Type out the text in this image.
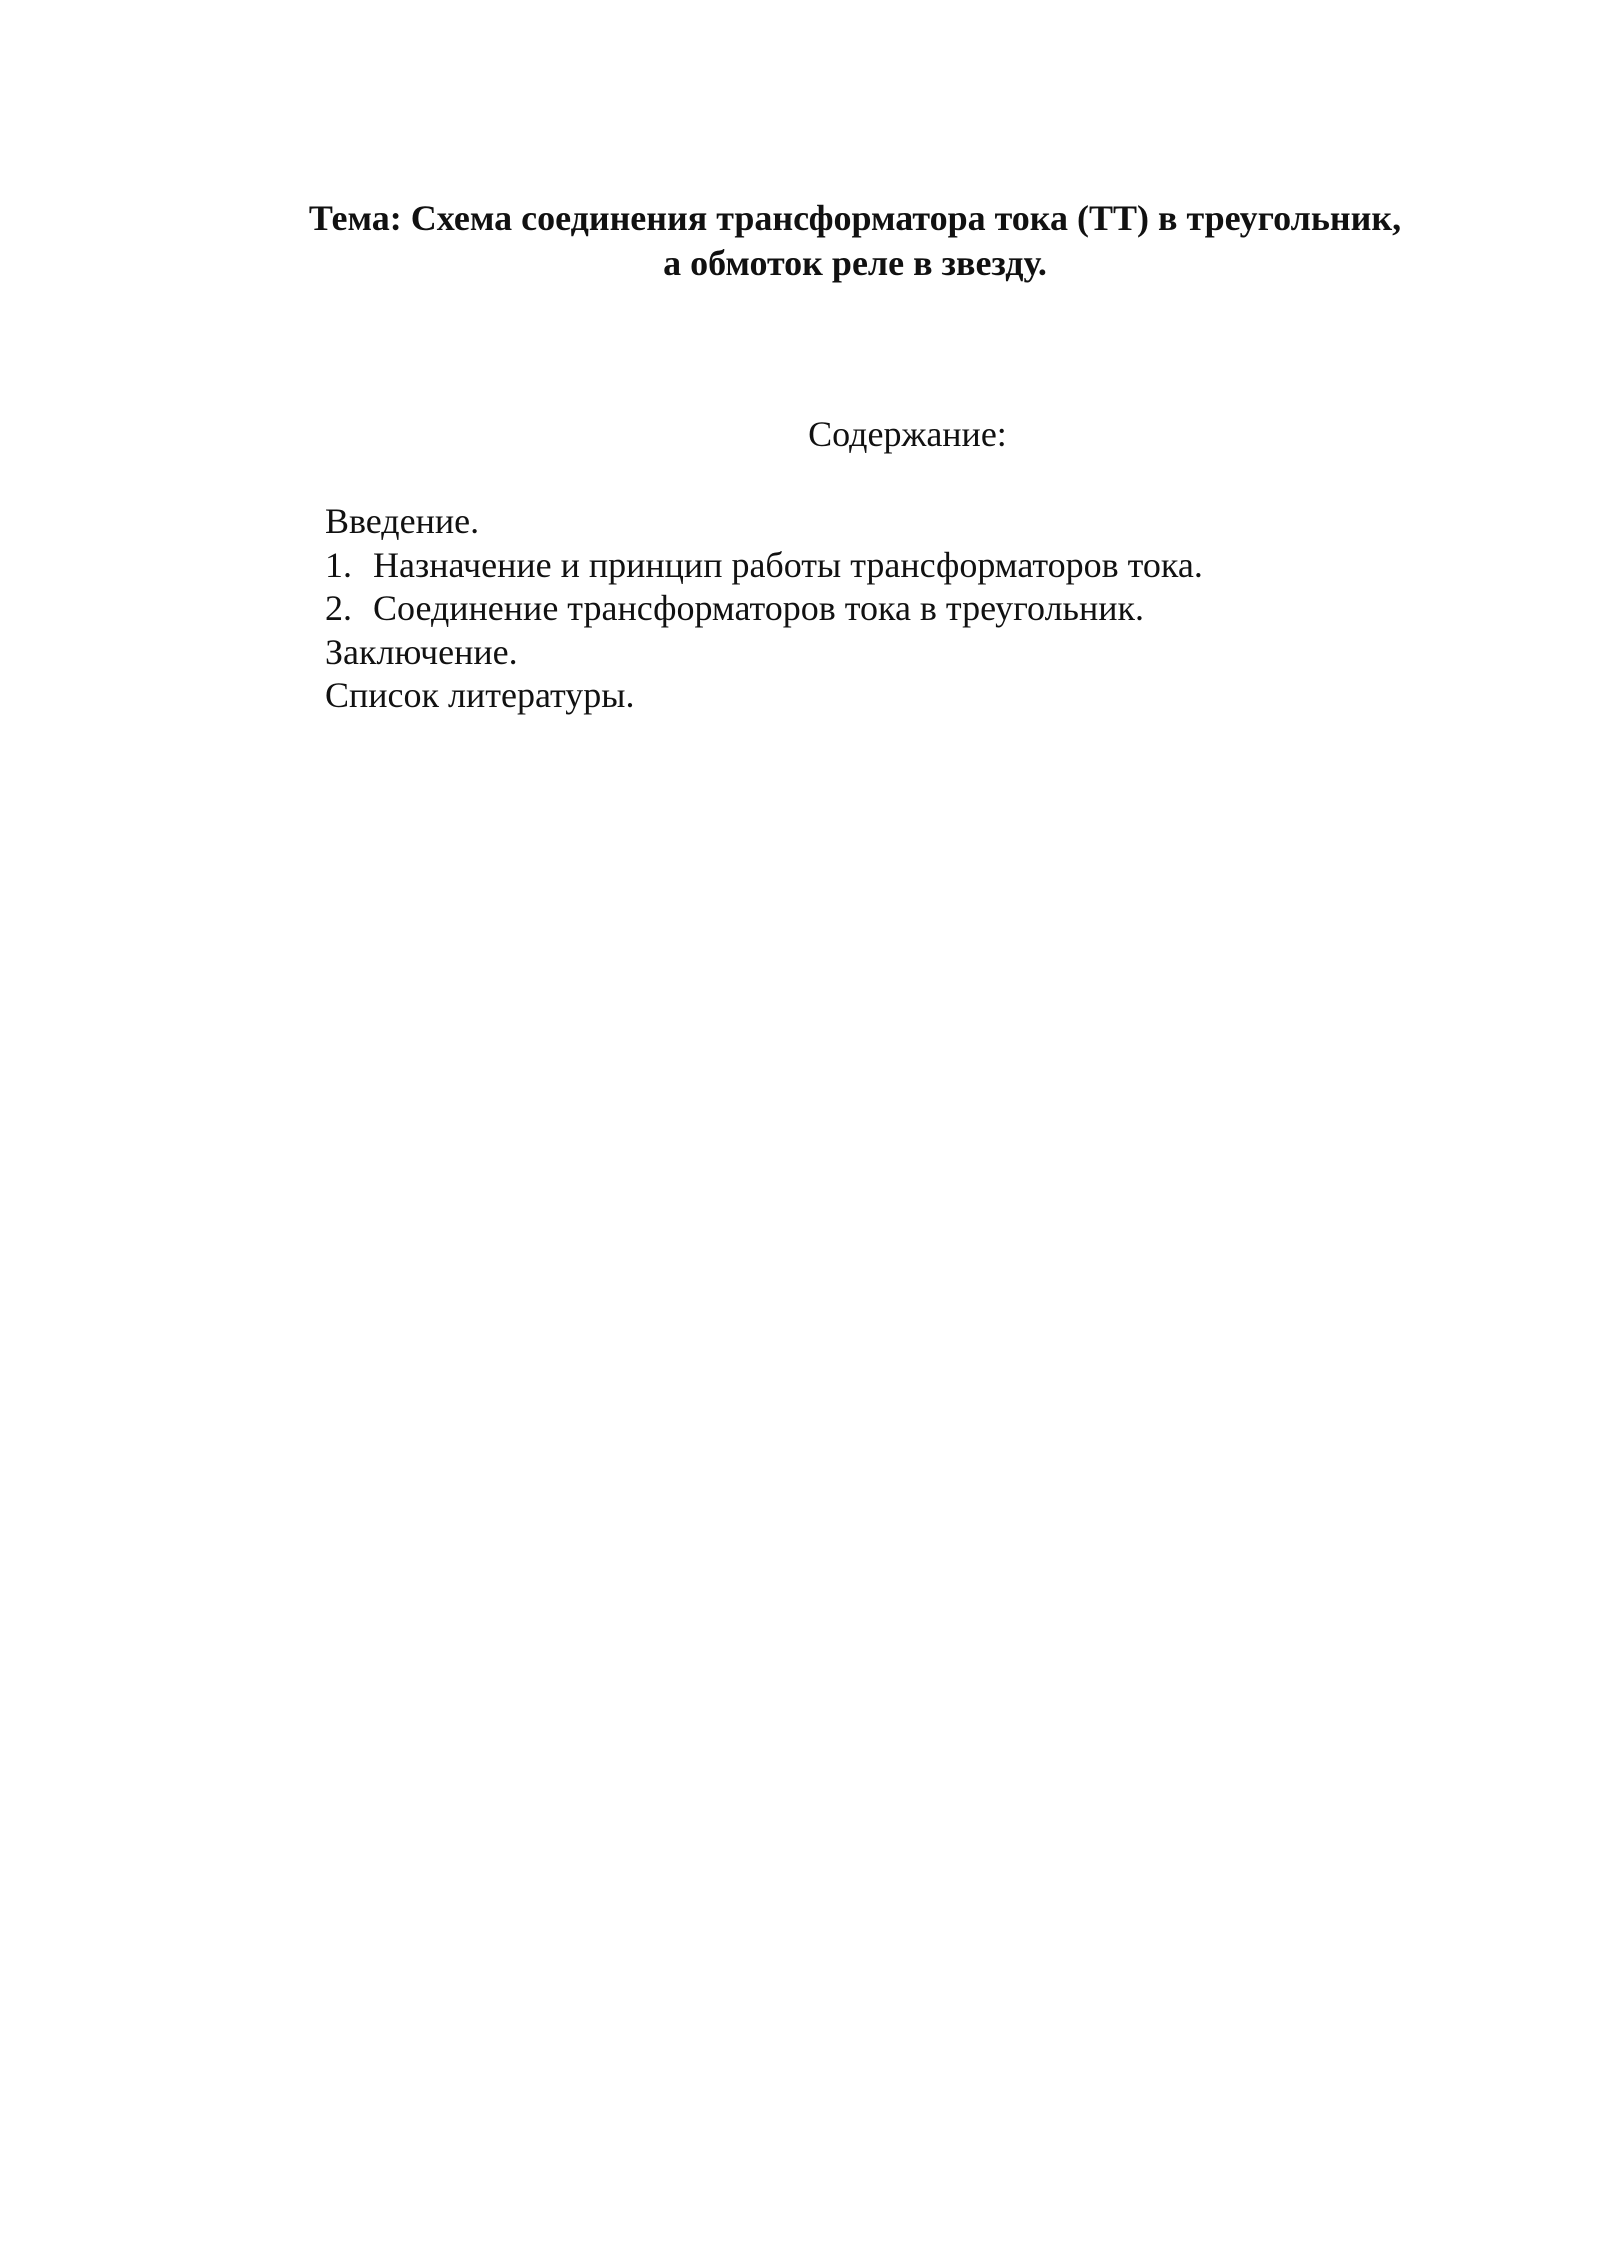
Тема: Схема соединения трансформатора тока (ТТ) в треугольник,
а обмоток реле в звезду.
Содержание:
Введение.
1. Назначение и принцип работы трансформаторов тока.
2. Соединение трансформаторов тока в треугольник.
Заключение.
Список литературы.
